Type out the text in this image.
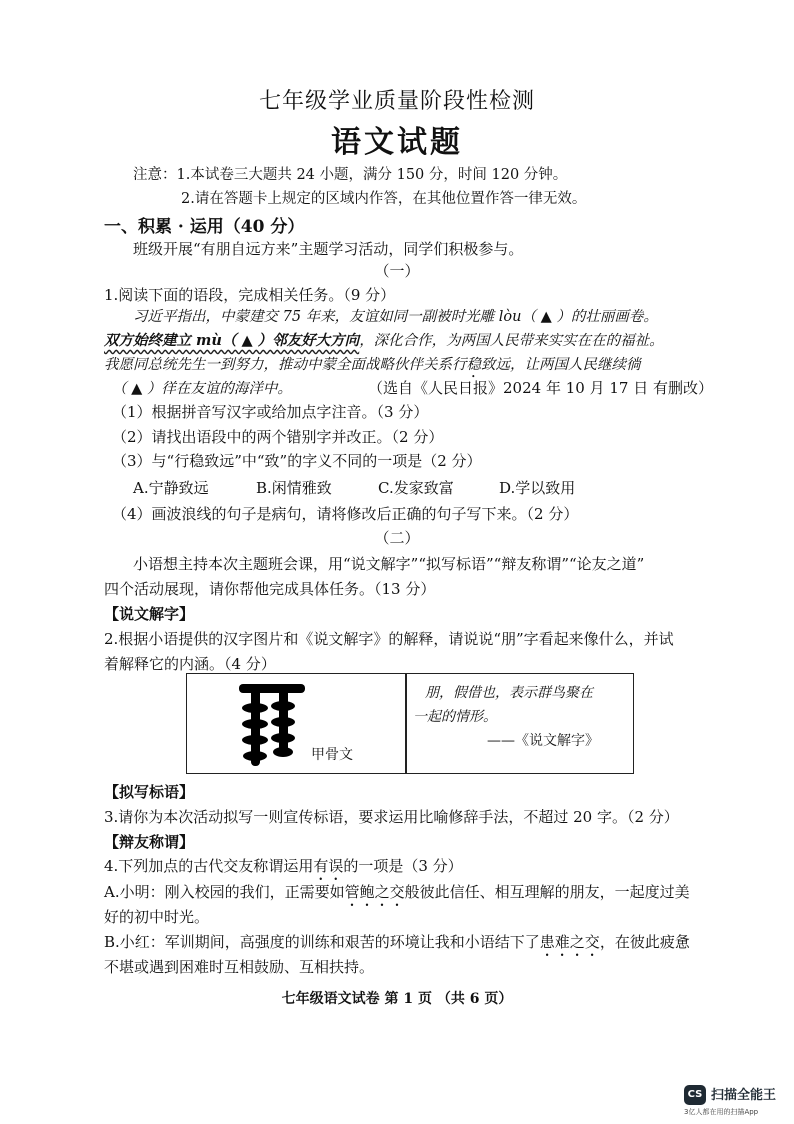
七年级学业质量阶段性检测
语文试题
注意：1.本试卷三大题共 24 小题，满分 150 分，时间 120 分钟。
2.请在答题卡上规定的区域内作答，在其他位置作答一律无效。
一、积累 · 运用（40 分）
班级开展“有朋自远方来”主题学习活动，同学们积极参与。
（一）
1.阅读下面的语段，完成相关任务。（9 分）
习近平指出，中蒙建交 75 年来，友谊如同一副被时光雕 lòu（ ▲ ）的壮丽画卷。
双方始终建立 mù（ ▲ ）邻友好大方向，深化合作，为两国人民带来实实在在的福祉。
我愿同总统先生一到努力，推动中蒙全面战略伙伴关系行稳致远，让两国人民继续徜
（ ▲ ）徉在友谊的海洋中。	（选自《人民日报》2024 年 10 月 17 日 有删改）
（1）根据拼音写汉字或给加点字注音。（3 分）
（2）请找出语段中的两个错别字并改正。（2 分）
（3）与“行稳致远”中“致”的字义不同的一项是（2 分）
A.宁静致远	B.闲情雅致	C.发家致富	D.学以致用
（4）画波浪线的句子是病句，请将修改后正确的句子写下来。（2 分）
（二）
小语想主持本次主题班会课，用“说文解字”“拟写标语”“辩友称谓”“论友之道”
四个活动展现，请你帮他完成具体任务。（13 分）
【说文解字】
2.根据小语提供的汉字图片和《说文解字》的解释，请说说“朋”字看起来像什么，并试
着解释它的内涵。（4 分）
甲骨文
朋，假借也，表示群鸟聚在
一起的情形。
——《说文解字》
【拟写标语】
3.请你为本次活动拟写一则宣传标语，要求运用比喻修辞手法，不超过 20 字。（2 分）
【辩友称谓】
4.下列加点的古代交友称谓运用有误的一项是（3 分）
A.小明：刚入校园的我们，正需要如管鲍之交般彼此信任、相互理解的朋友，一起度过美
好的初中时光。
B.小红：军训期间，高强度的训练和艰苦的环境让我和小语结下了患难之交，在彼此疲惫
不堪或遇到困难时互相鼓励、互相扶持。
七年级语文试卷 第 1 页 （共 6 页）
CS 扫描全能王
3亿人都在用的扫描App
